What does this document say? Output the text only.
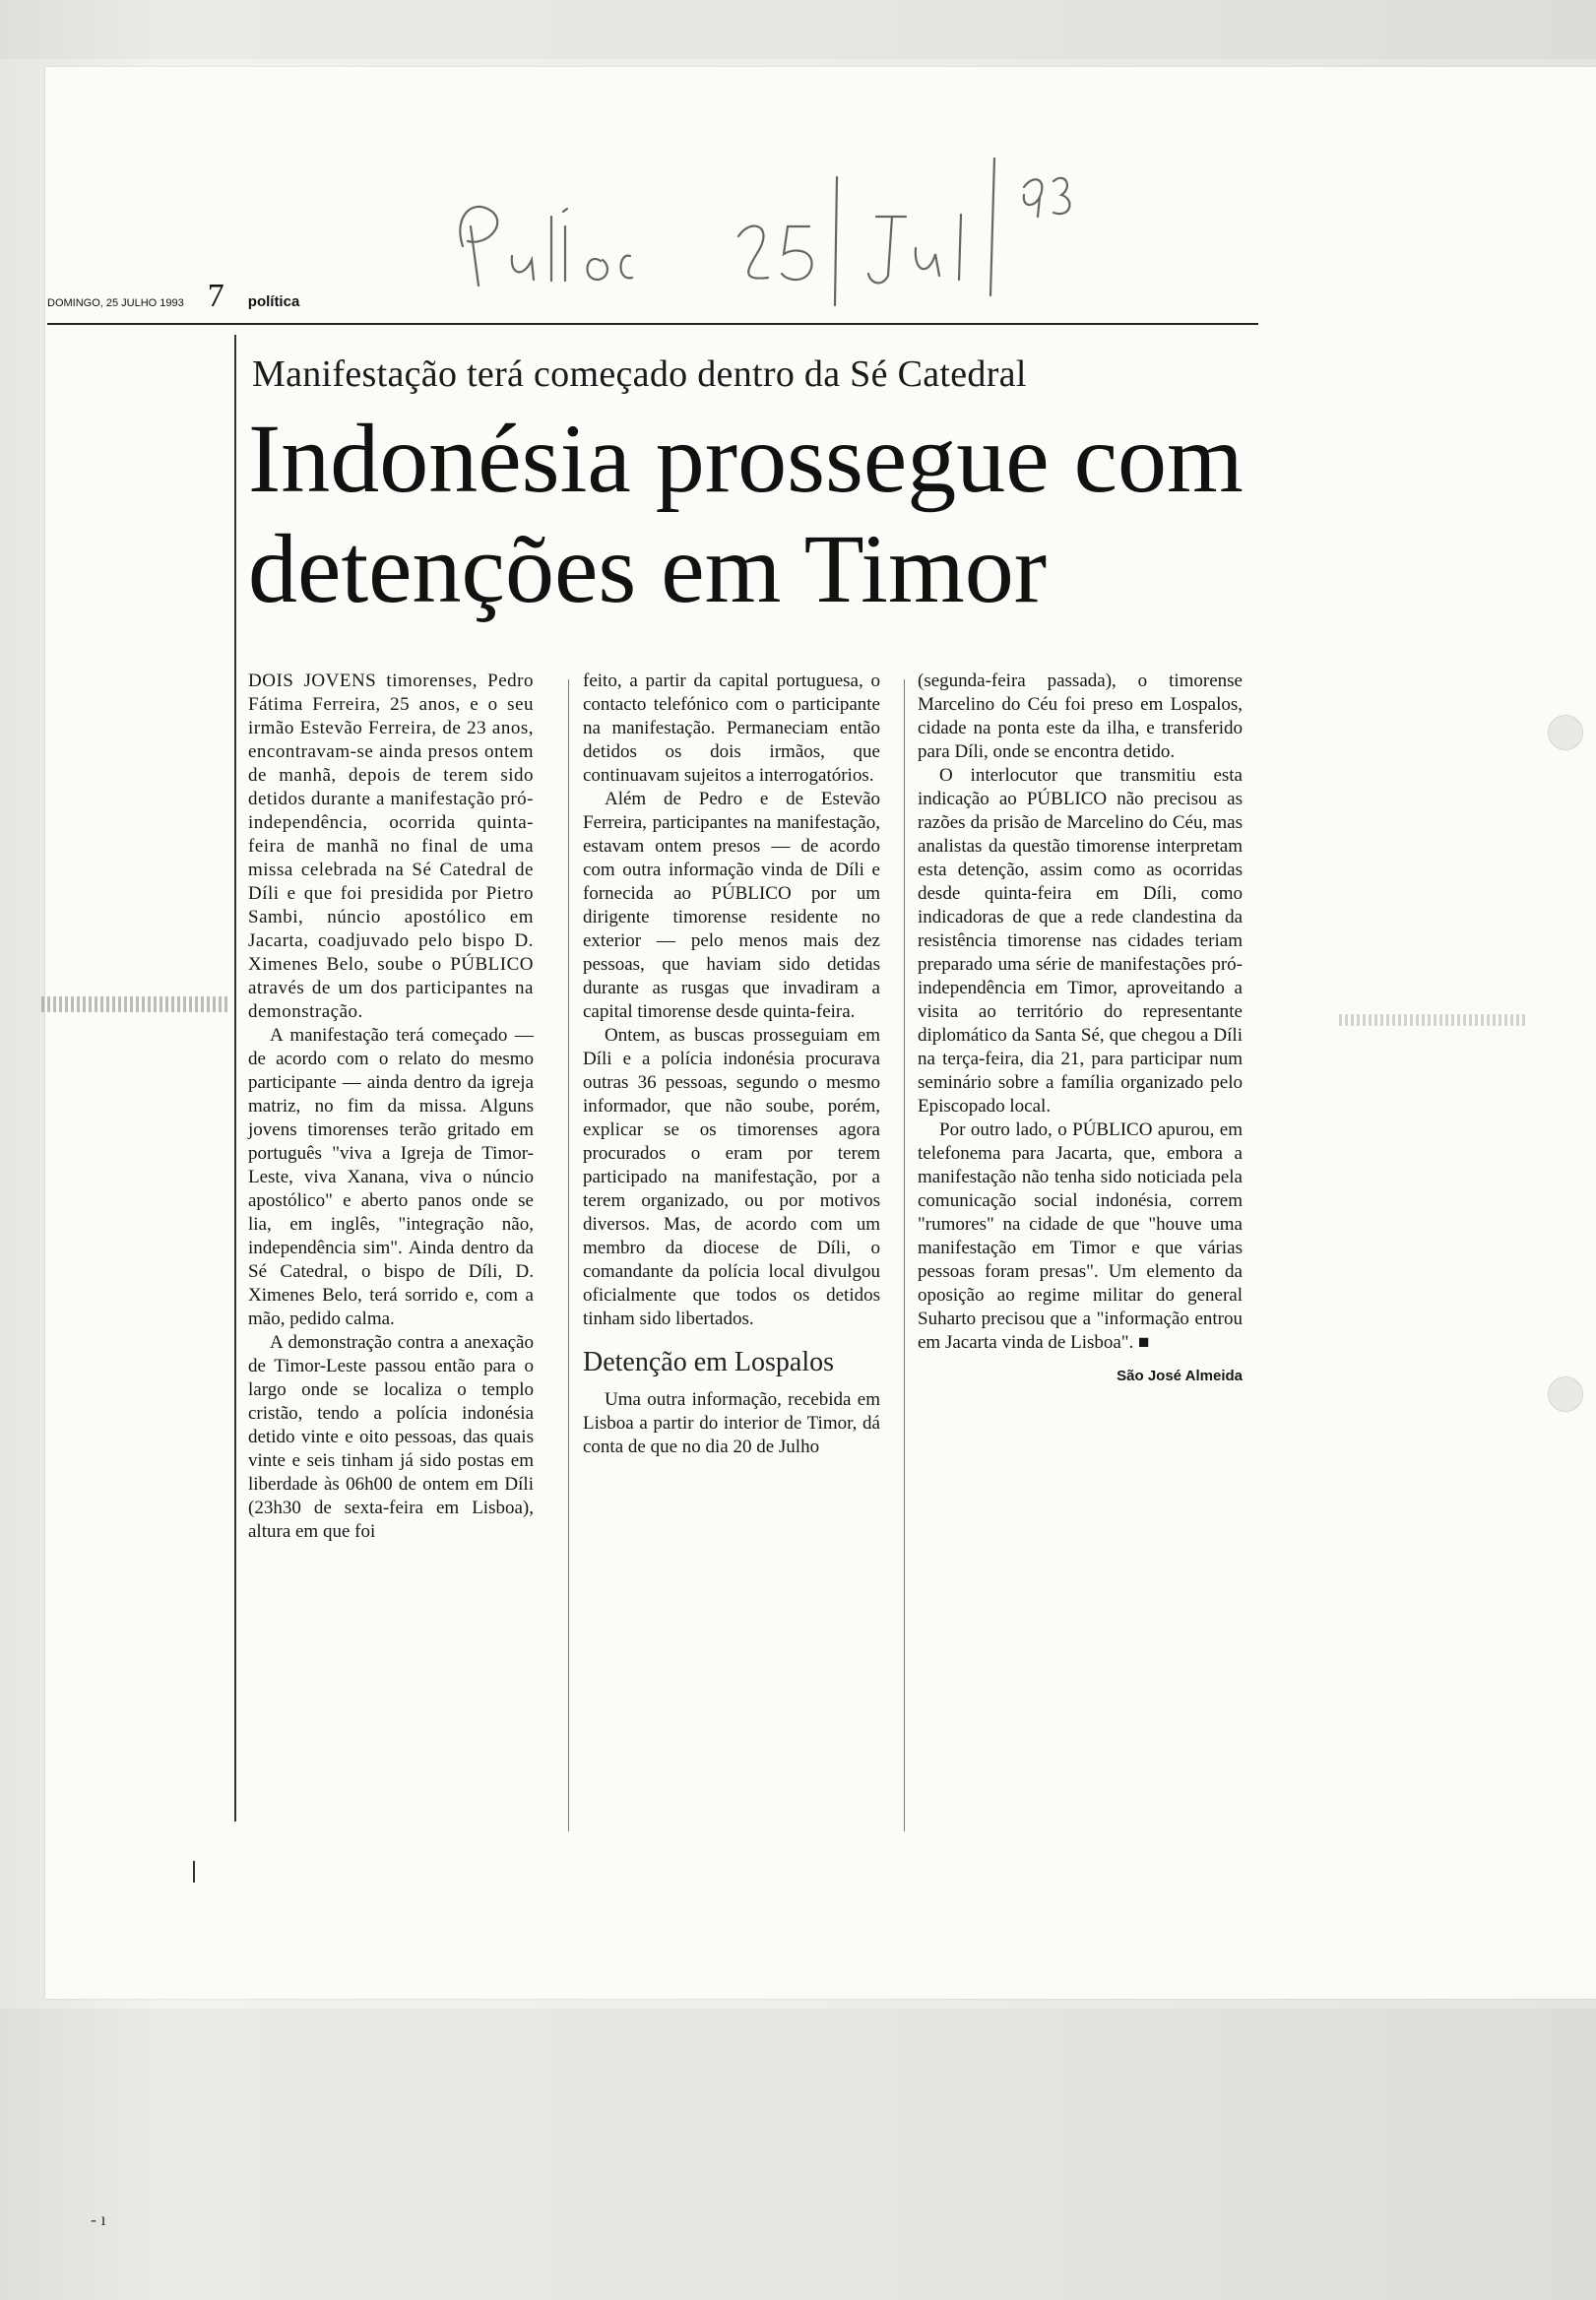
DOMINGO, 25 JULHO 1993 7 política
Manifestação terá começado dentro da Sé Catedral
Indonésia prossegue com detenções em Timor

DOIS JOVENS timorenses, Pedro Fátima Ferreira, 25 anos, e o seu irmão Estevão Ferreira, de 23 anos, encontravam-se ainda presos ontem de manhã, depois de terem sido detidos durante a manifestação pró-independência, ocorrida quinta-feira de manhã no final de uma missa celebrada na Sé Catedral de Díli e que foi presidida por Pietro Sambi, núncio apostólico em Jacarta, coadjuvado pelo bispo D. Ximenes Belo, soube o PÚBLICO através de um dos participantes na demonstração.

A manifestação terá começado — de acordo com o relato do mesmo participante — ainda dentro da igreja matriz, no fim da missa. Alguns jovens timorenses terão gritado em português "viva a Igreja de Timor-Leste, viva Xanana, viva o núncio apostólico" e aberto panos onde se lia, em inglês, "integração não, independência sim". Ainda dentro da Sé Catedral, o bispo de Díli, D. Ximenes Belo, terá sorrido e, com a mão, pedido calma.

A demonstração contra a anexação de Timor-Leste passou então para o largo onde se localiza o templo cristão, tendo a polícia indonésia detido vinte e oito pessoas, das quais vinte e seis tinham já sido postas em liberdade às 06h00 de ontem em Díli (23h30 de sexta-feira em Lisboa), altura em que foi

feito, a partir da capital portuguesa, o contacto telefónico com o participante na manifestação. Permaneciam então detidos os dois irmãos, que continuavam sujeitos a interrogatórios.

Além de Pedro e de Estevão Ferreira, participantes na manifestação, estavam ontem presos — de acordo com outra informação vinda de Díli e fornecida ao PÚBLICO por um dirigente timorense residente no exterior — pelo menos mais dez pessoas, que haviam sido detidas durante as rusgas que invadiram a capital timorense desde quinta-feira.

Ontem, as buscas prosseguiam em Díli e a polícia indonésia procurava outras 36 pessoas, segundo o mesmo informador, que não soube, porém, explicar se os timorenses agora procurados o eram por terem participado na manifestação, por a terem organizado, ou por motivos diversos. Mas, de acordo com um membro da diocese de Díli, o comandante da polícia local divulgou oficialmente que todos os detidos tinham sido libertados.

Detenção em Lospalos

Uma outra informação, recebida em Lisboa a partir do interior de Timor, dá conta de que no dia 20 de Julho

(segunda-feira passada), o timorense Marcelino do Céu foi preso em Lospalos, cidade na ponta este da ilha, e transferido para Díli, onde se encontra detido.

O interlocutor que transmitiu esta indicação ao PÚBLICO não precisou as razões da prisão de Marcelino do Céu, mas analistas da questão timorense interpretam esta detenção, assim como as ocorridas desde quinta-feira em Díli, como indicadoras de que a rede clandestina da resistência timorense nas cidades teriam preparado uma série de manifestações pró-independência em Timor, aproveitando a visita ao território do representante diplomático da Santa Sé, que chegou a Díli na terça-feira, dia 21, para participar num seminário sobre a família organizado pelo Episcopado local.

Por outro lado, o PÚBLICO apurou, em telefonema para Jacarta, que, embora a manifestação não tenha sido noticiada pela comunicação social indonésia, correm "rumores" na cidade de que "houve uma manifestação em Timor e que várias pessoas foram presas". Um elemento da oposição ao regime militar do general Suharto precisou que a "informação entrou em Jacarta vinda de Lisboa". ■

São José Almeida
- ı
